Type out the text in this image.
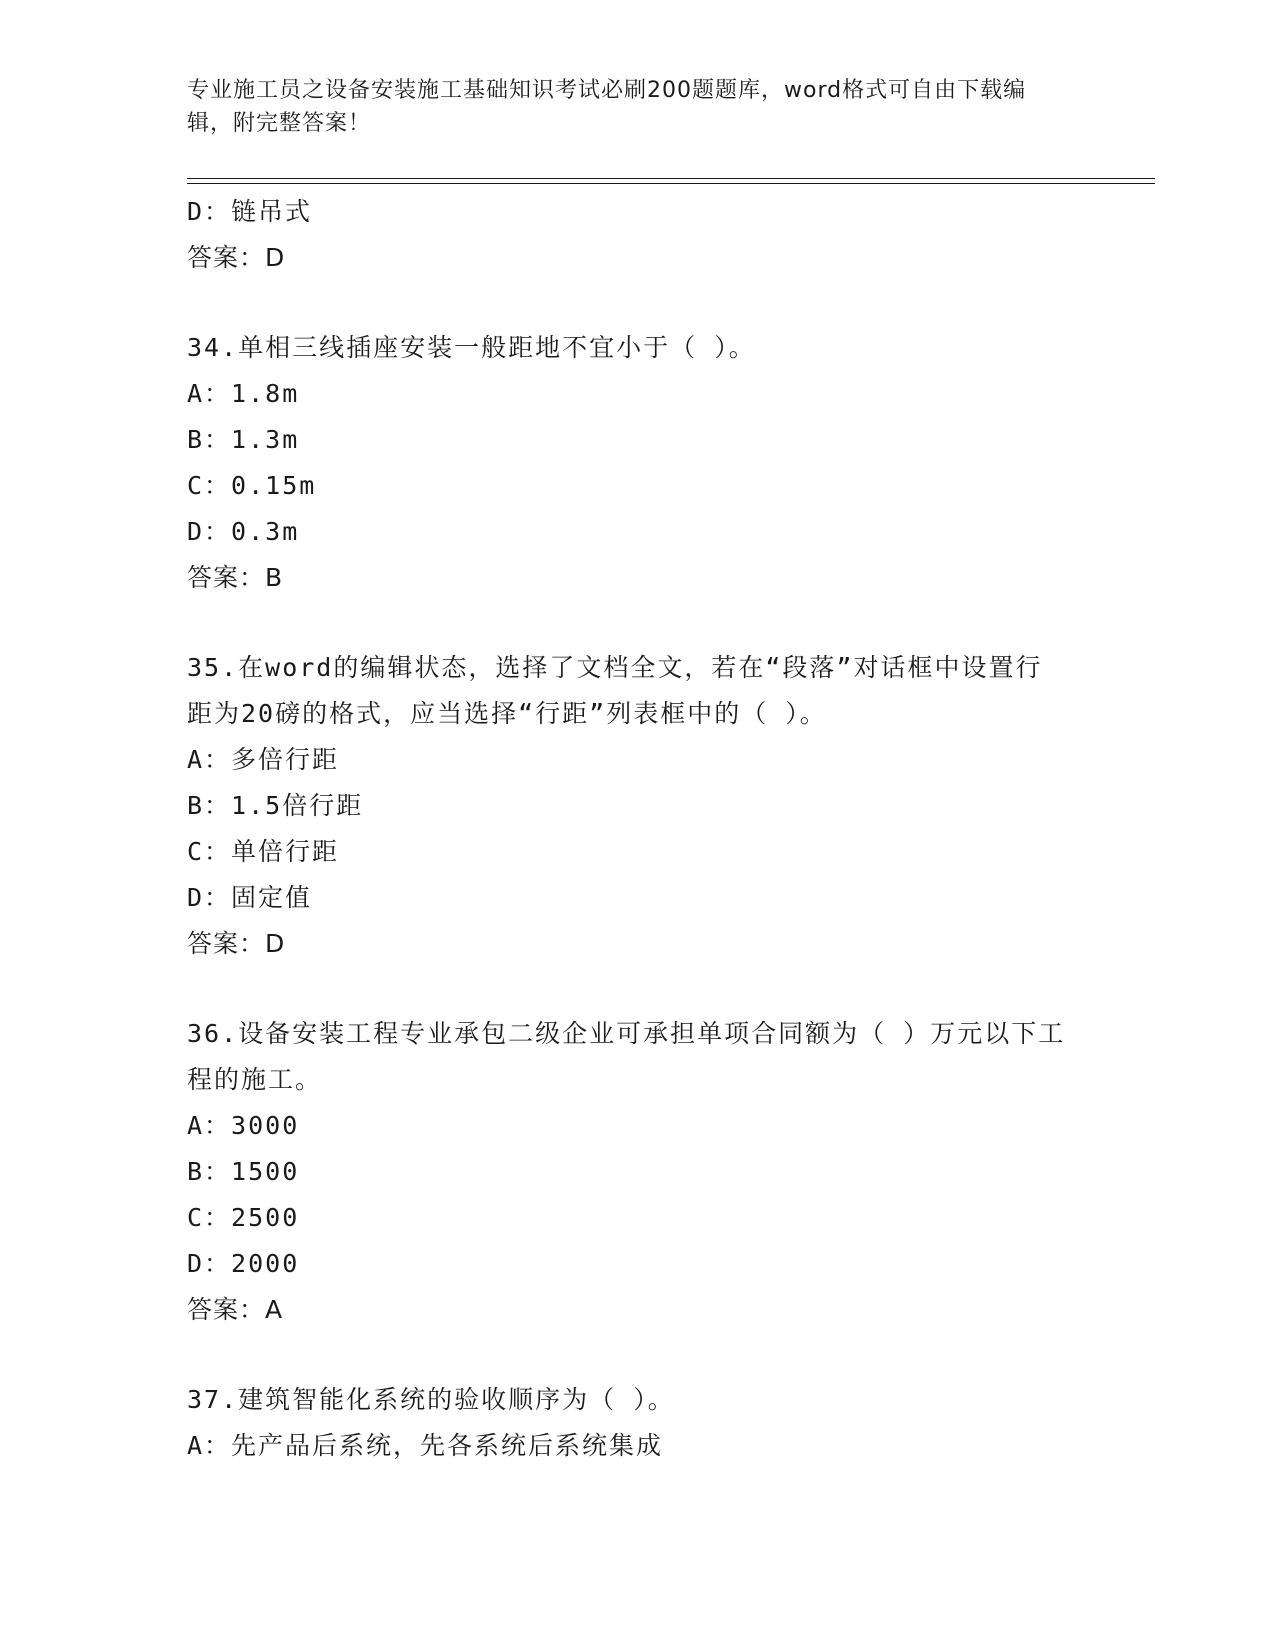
专业施工员之设备安装施工基础知识考试必刷200题题库，word格式可自由下载编辑，附完整答案！
D：链吊式
答案：D
34.单相三线插座安装一般距地不宜小于（ ）。
A：1.8m
B：1.3m
C：0.15m
D：0.3m
答案：B
35.在word的编辑状态，选择了文档全文，若在“段落”对话框中设置行距为20磅的格式，应当选择“行距”列表框中的（ ）。
A：多倍行距
B：1.5倍行距
C：单倍行距
D：固定值
答案：D
36.设备安装工程专业承包二级企业可承担单项合同额为（ ）万元以下工程的施工。
A：3000
B：1500
C：2500
D：2000
答案：A
37.建筑智能化系统的验收顺序为（ ）。
A：先产品后系统，先各系统后系统集成
